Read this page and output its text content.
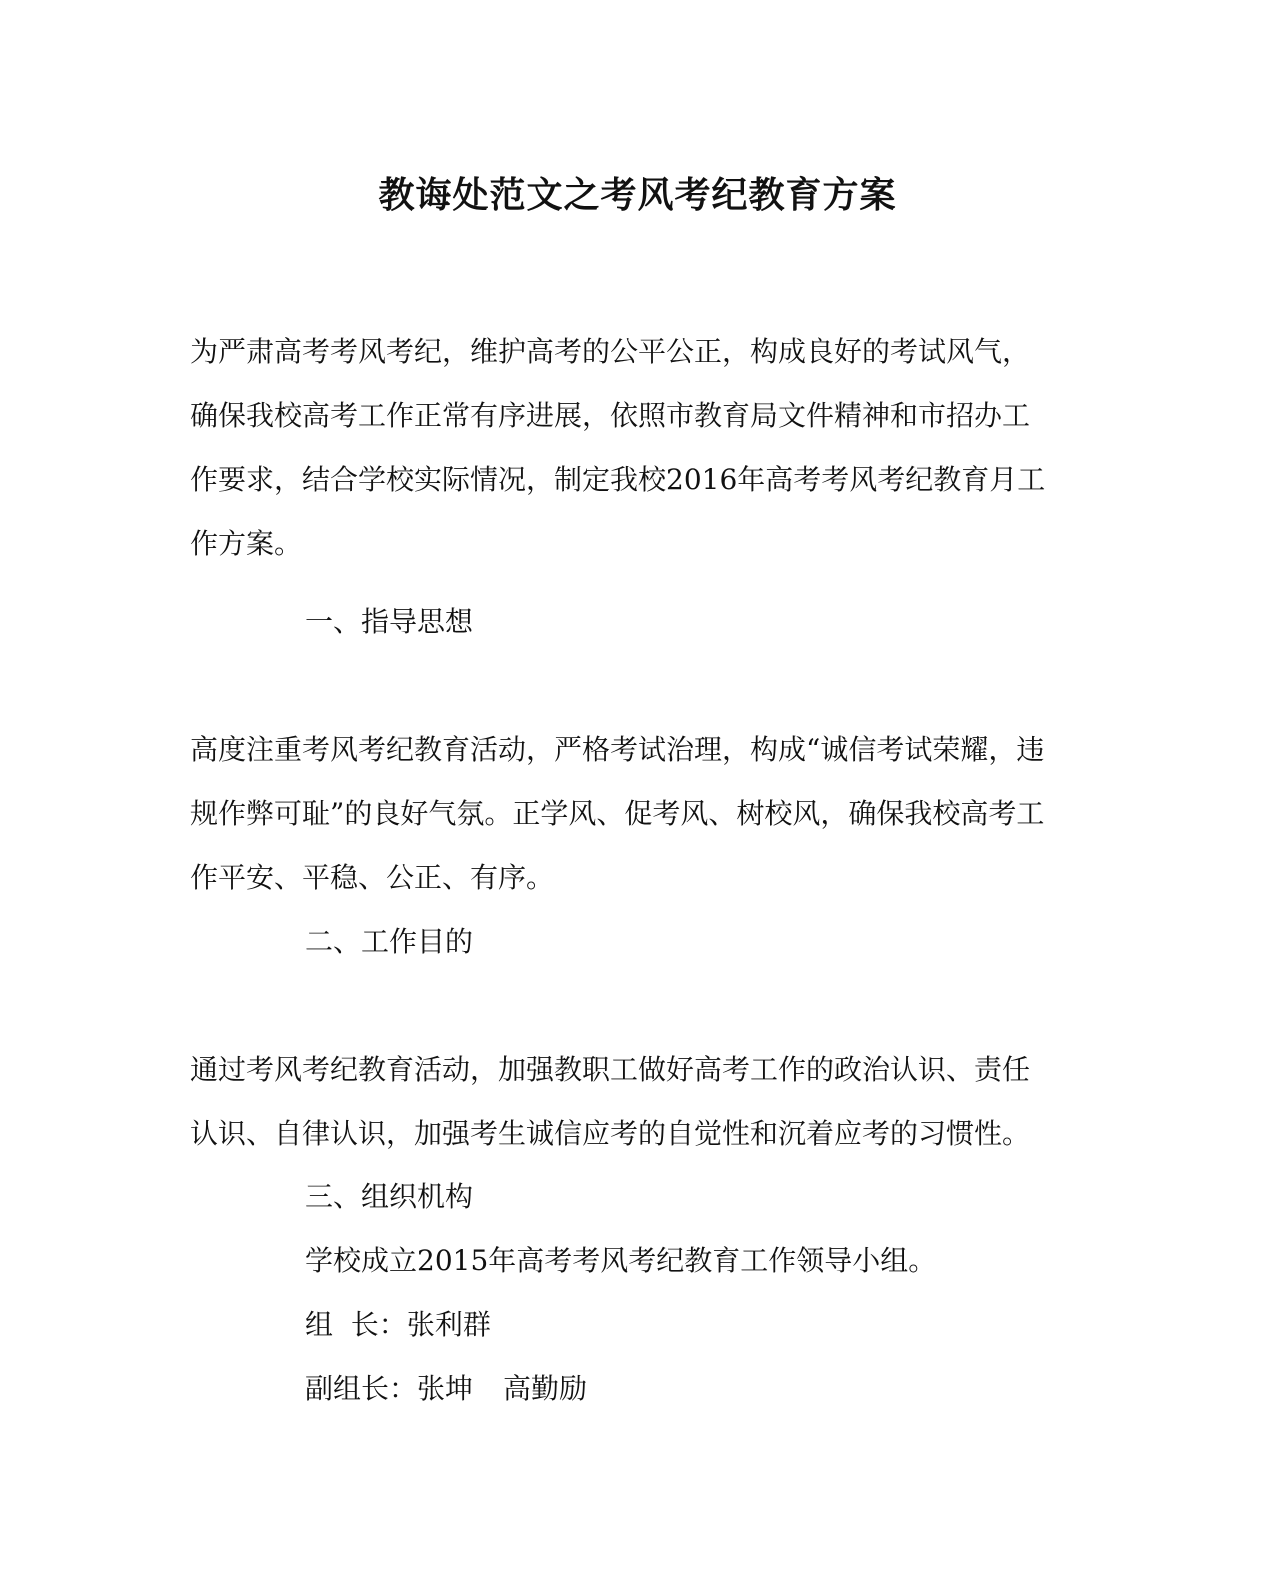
教诲处范文之考风考纪教育方案

为严肃高考考风考纪，维护高考的公平公正，构成良好的考试风气，
确保我校高考工作正常有序进展，依照市教育局文件精神和市招办工
作要求，结合学校实际情况，制定我校2016年高考考风考纪教育月工
作方案。

一、指导思想

高度注重考风考纪教育活动，严格考试治理，构成“诚信考试荣耀，违
规作弊可耻”的良好气氛。正学风、促考风、树校风，确保我校高考工
作平安、平稳、公正、有序。

二、工作目的

通过考风考纪教育活动，加强教职工做好高考工作的政治认识、责任
认识、自律认识，加强考生诚信应考的自觉性和沉着应考的习惯性。

三、组织机构

学校成立2015年高考考风考纪教育工作领导小组。

组  长：张利群

副组长：张坤 高勤励
